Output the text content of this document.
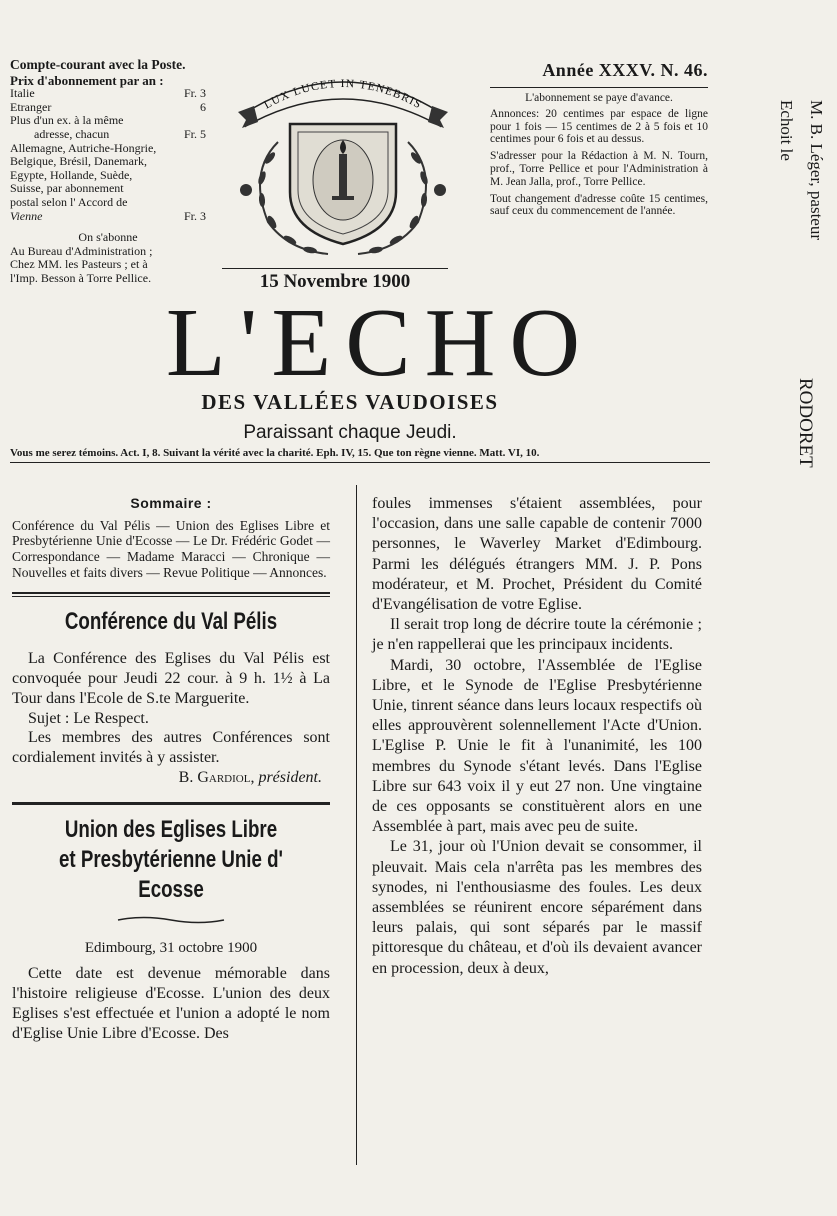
Compte-courant avec la Poste.
Prix d'abonnement par an :
Italie	Fr. 3
Etranger	6
Plus d'un ex. à la même
adresse, chacun	Fr. 5
Allemagne, Autriche-Hongrie,
Belgique, Brésil, Danemark,
Egypte, Hollande, Suède,
Suisse, par abonnement
postal selon l' Accord de
Vienne	Fr. 3
On s'abonne
Au Bureau d'Administration ;
Chez MM. les Pasteurs ; et à
l'Imp. Besson à Torre Pellice.
LUX LUCET IN TENEBRIS
15 Novembre 1900
Année XXXV. N. 46.

L'abonnement se paye d'avance.

Annonces: 20 centimes par espace de ligne pour 1 fois — 15 centimes de 2 à 5 fois et 10 centimes pour 6 fois et au dessus.

S'adresser pour la Rédaction à M. N. Tourn, prof., Torre Pellice et pour l'Administration à M. Jean Jalla, prof., Torre Pellice.

Tout changement d'adresse coûte 15 centimes, sauf ceux du commencement de l'année.

L'ECHO
DES VALLÉES VAUDOISES
Paraissant chaque Jeudi.
Vous me serez témoins. Act. I, 8. Suivant la vérité avec la charité. Eph. IV, 15. Que ton règne vienne. Matt. VI, 10.
M. B. Léger, pasteur
Echoit le
RODORET
Sommaire :
Conférence du Val Pélis — Union des Eglises Libre et Presbytérienne Unie d'Ecosse — Le Dr. Frédéric Godet — Correspondance — Madame Maracci — Chronique — Nouvelles et faits divers — Revue Politique — Annonces.
Conférence du Val Pélis

La Conférence des Eglises du Val Pélis est convoquée pour Jeudi 22 cour. à 9 h. 1½ à La Tour dans l'Ecole de S.te Marguerite.

Sujet : Le Respect.

Les membres des autres Conférences sont cordialement invités à y assister.

B. Gardiol, président.
Union des Eglises Libre
et Presbytérienne Unie d' Ecosse
Edimbourg, 31 octobre 1900

Cette date est devenue mémorable dans l'histoire religieuse d'Ecosse. L'union des deux Eglises s'est effectuée et l'union a adopté le nom d'Eglise Unie Libre d'Ecosse. Des

foules immenses s'étaient assemblées, pour l'occasion, dans une salle capable de contenir 7000 personnes, le Waverley Market d'Edimbourg. Parmi les délégués étrangers MM. J. P. Pons modérateur, et M. Prochet, Président du Comité d'Evangélisation de votre Eglise.

Il serait trop long de décrire toute la cérémonie ; je n'en rappellerai que les principaux incidents.

Mardi, 30 octobre, l'Assemblée de l'Eglise Libre, et le Synode de l'Eglise Presbytérienne Unie, tinrent séance dans leurs locaux respectifs où elles approuvèrent solennellement l'Acte d'Union. L'Eglise P. Unie le fit à l'unanimité, les 100 membres du Synode s'étant levés. Dans l'Eglise Libre sur 643 voix il y eut 27 non. Une vingtaine de ces opposants se constituèrent alors en une Assemblée à part, mais avec peu de suite.

Le 31, jour où l'Union devait se consommer, il pleuvait. Mais cela n'arrêta pas les membres des synodes, ni l'enthousiasme des foules. Les deux assemblées se réunirent encore séparément dans leurs palais, qui sont séparés par le massif pittoresque du château, et d'où ils devaient avancer en procession, deux à deux,
